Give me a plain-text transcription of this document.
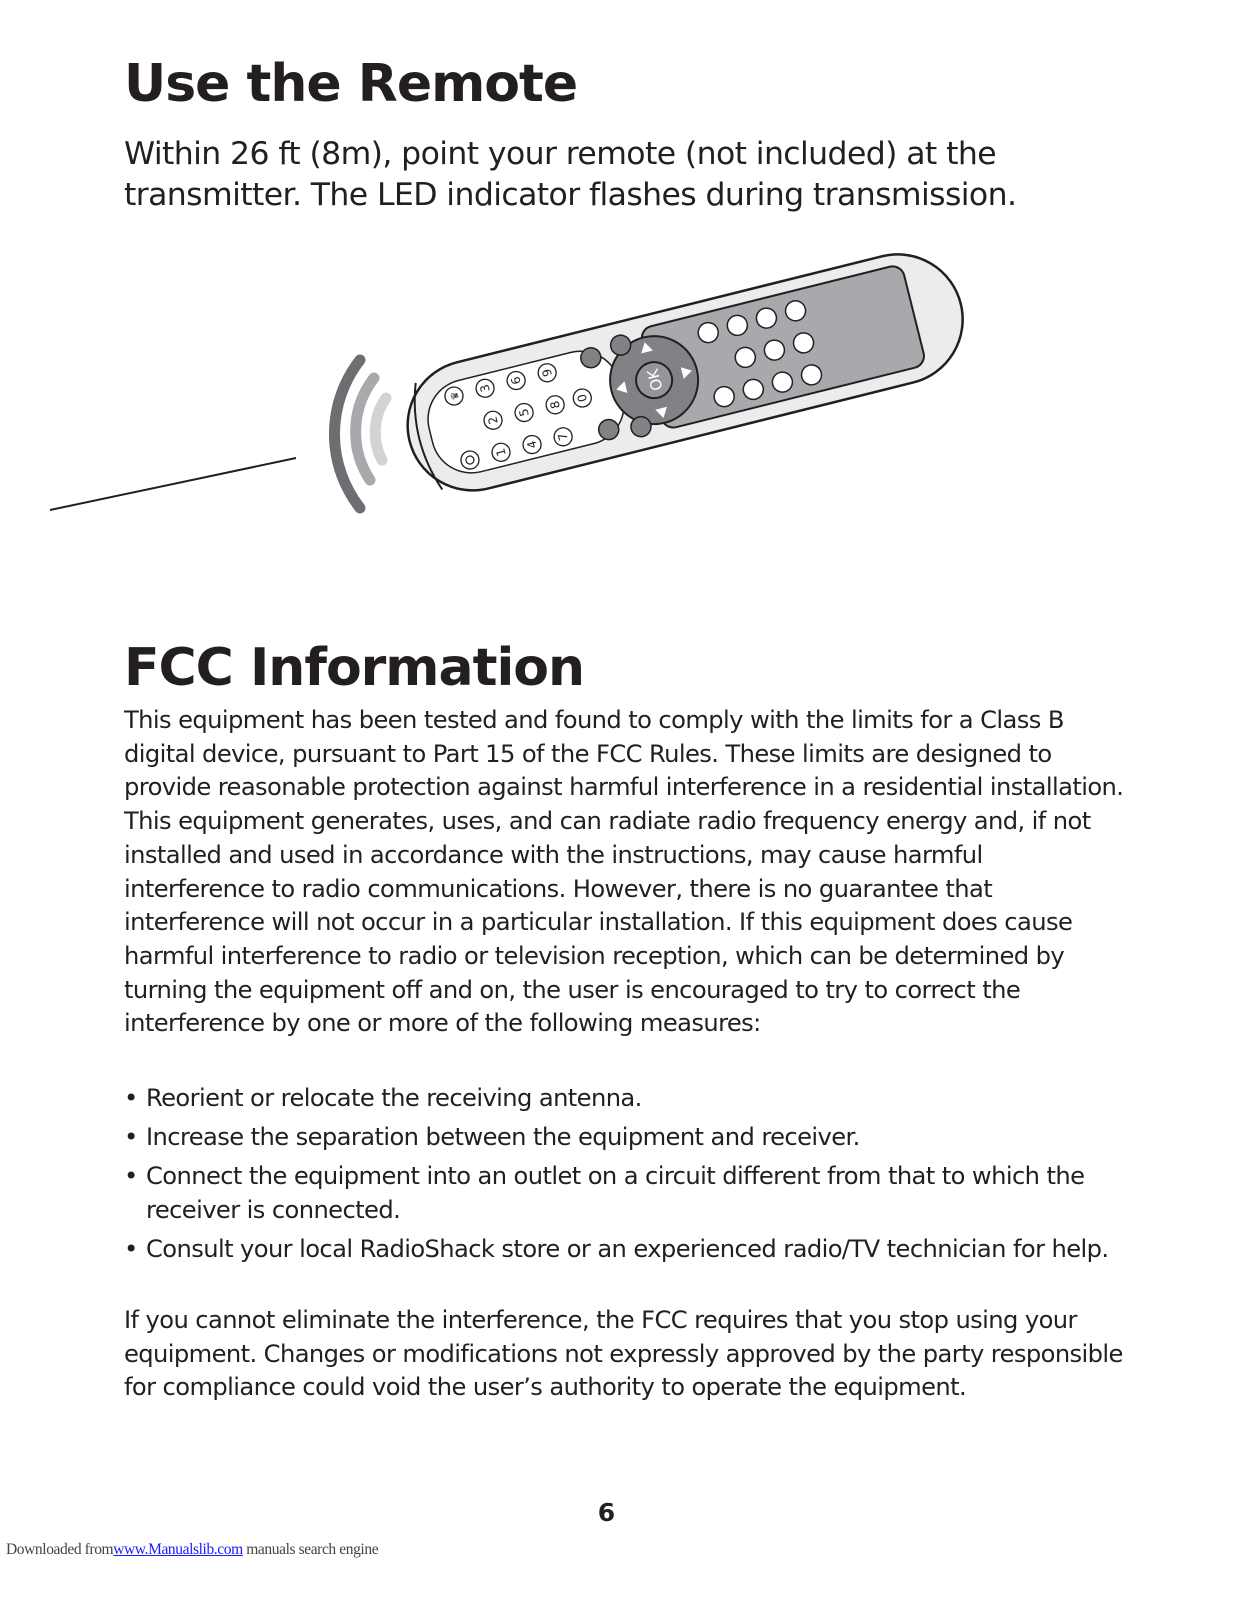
Use the Remote

Within 26 ft (8m), point your remote (not included) at the transmitter. The LED indicator flashes during transmission.

OK
♛
1
2
3
4
5
6
7
8
9
0
FCC Information

This equipment has been tested and found to comply with the limits for a Class B digital device, pursuant to Part 15 of the FCC Rules. These limits are designed to provide reasonable protection against harmful interference in a residential installation. This equipment generates, uses, and can radiate radio frequency energy and, if not installed and used in accordance with the instructions, may cause harmful interference to radio communications. However, there is no guarantee that interference will not occur in a particular installation. If this equipment does cause harmful interference to radio or television reception, which can be determined by turning the equipment off and on, the user is encouraged to try to correct the interference by one or more of the following measures:

• Reorient or relocate the receiving antenna.
• Increase the separation between the equipment and receiver.
• Connect the equipment into an outlet on a circuit different from that to which the receiver is connected.
• Consult your local RadioShack store or an experienced radio/TV technician for help.

If you cannot eliminate the interference, the FCC requires that you stop using your equipment. Changes or modifications not expressly approved by the party responsible for compliance could void the user’s authority to operate the equipment.

6
Downloaded fromwww.Manualslib.com manuals search engine
